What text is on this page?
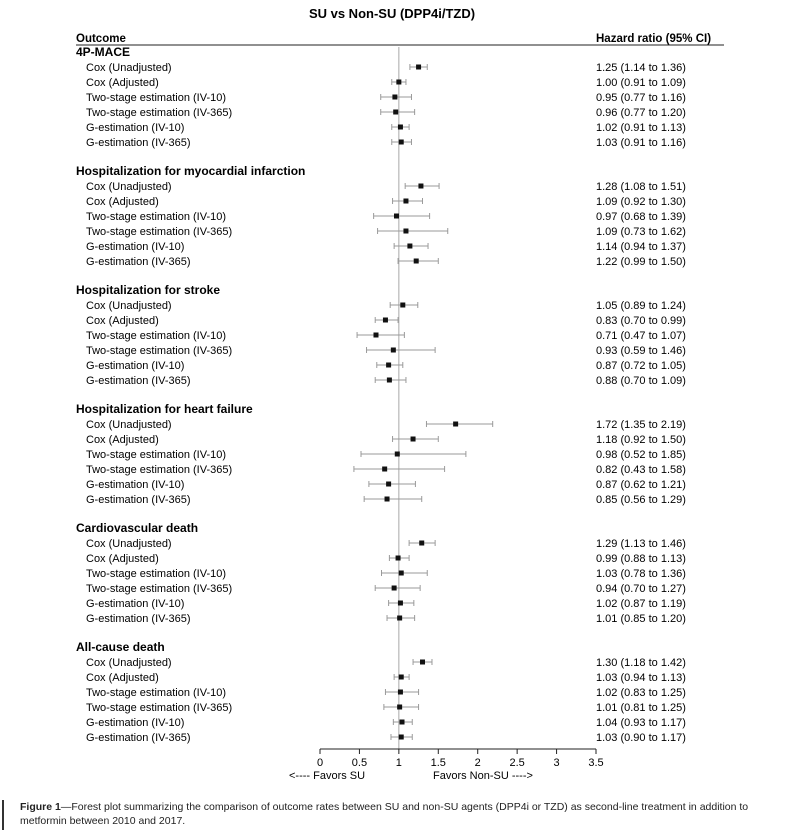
SU vs Non-SU (DPP4i/TZD)
Outcome	Hazard ratio (95% CI)
4P-MACE
Cox (Unadjusted)	1.25 (1.14 to 1.36)
Cox (Adjusted)	1.00 (0.91 to 1.09)
Two-stage estimation (IV-10)	0.95 (0.77 to 1.16)
Two-stage estimation (IV-365)	0.96 (0.77 to 1.20)
G-estimation (IV-10)	1.02 (0.91 to 1.13)
G-estimation (IV-365)	1.03 (0.91 to 1.16)
Hospitalization for myocardial infarction
Cox (Unadjusted)	1.28 (1.08 to 1.51)
Cox (Adjusted)	1.09 (0.92 to 1.30)
Two-stage estimation (IV-10)	0.97 (0.68 to 1.39)
Two-stage estimation (IV-365)	1.09 (0.73 to 1.62)
G-estimation (IV-10)	1.14 (0.94 to 1.37)
G-estimation (IV-365)	1.22 (0.99 to 1.50)
Hospitalization for stroke
Cox (Unadjusted)	1.05 (0.89 to 1.24)
Cox (Adjusted)	0.83 (0.70 to 0.99)
Two-stage estimation (IV-10)	0.71 (0.47 to 1.07)
Two-stage estimation (IV-365)	0.93 (0.59 to 1.46)
G-estimation (IV-10)	0.87 (0.72 to 1.05)
G-estimation (IV-365)	0.88 (0.70 to 1.09)
Hospitalization for heart failure
Cox (Unadjusted)	1.72 (1.35 to 2.19)
Cox (Adjusted)	1.18 (0.92 to 1.50)
Two-stage estimation (IV-10)	0.98 (0.52 to 1.85)
Two-stage estimation (IV-365)	0.82 (0.43 to 1.58)
G-estimation (IV-10)	0.87 (0.62 to 1.21)
G-estimation (IV-365)	0.85 (0.56 to 1.29)
Cardiovascular death
Cox (Unadjusted)	1.29 (1.13 to 1.46)
Cox (Adjusted)	0.99 (0.88 to 1.13)
Two-stage estimation (IV-10)	1.03 (0.78 to 1.36)
Two-stage estimation (IV-365)	0.94 (0.70 to 1.27)
G-estimation (IV-10)	1.02 (0.87 to 1.19)
G-estimation (IV-365)	1.01 (0.85 to 1.20)
All-cause death
Cox (Unadjusted)	1.30 (1.18 to 1.42)
Cox (Adjusted)	1.03 (0.94 to 1.13)
Two-stage estimation (IV-10)	1.02 (0.83 to 1.25)
Two-stage estimation (IV-365)	1.01 (0.81 to 1.25)
G-estimation (IV-10)	1.04 (0.93 to 1.17)
G-estimation (IV-365)	1.03 (0.90 to 1.17)
0	0.5	1	1.5	2	2.5	3	3.5
<---- Favors SU	Favors Non-SU ---->
Figure 1—Forest plot summarizing the comparison of outcome rates between SU and non-SU agents (DPP4i or TZD) as second-line treatment in addition to metformin between 2010 and 2017.
